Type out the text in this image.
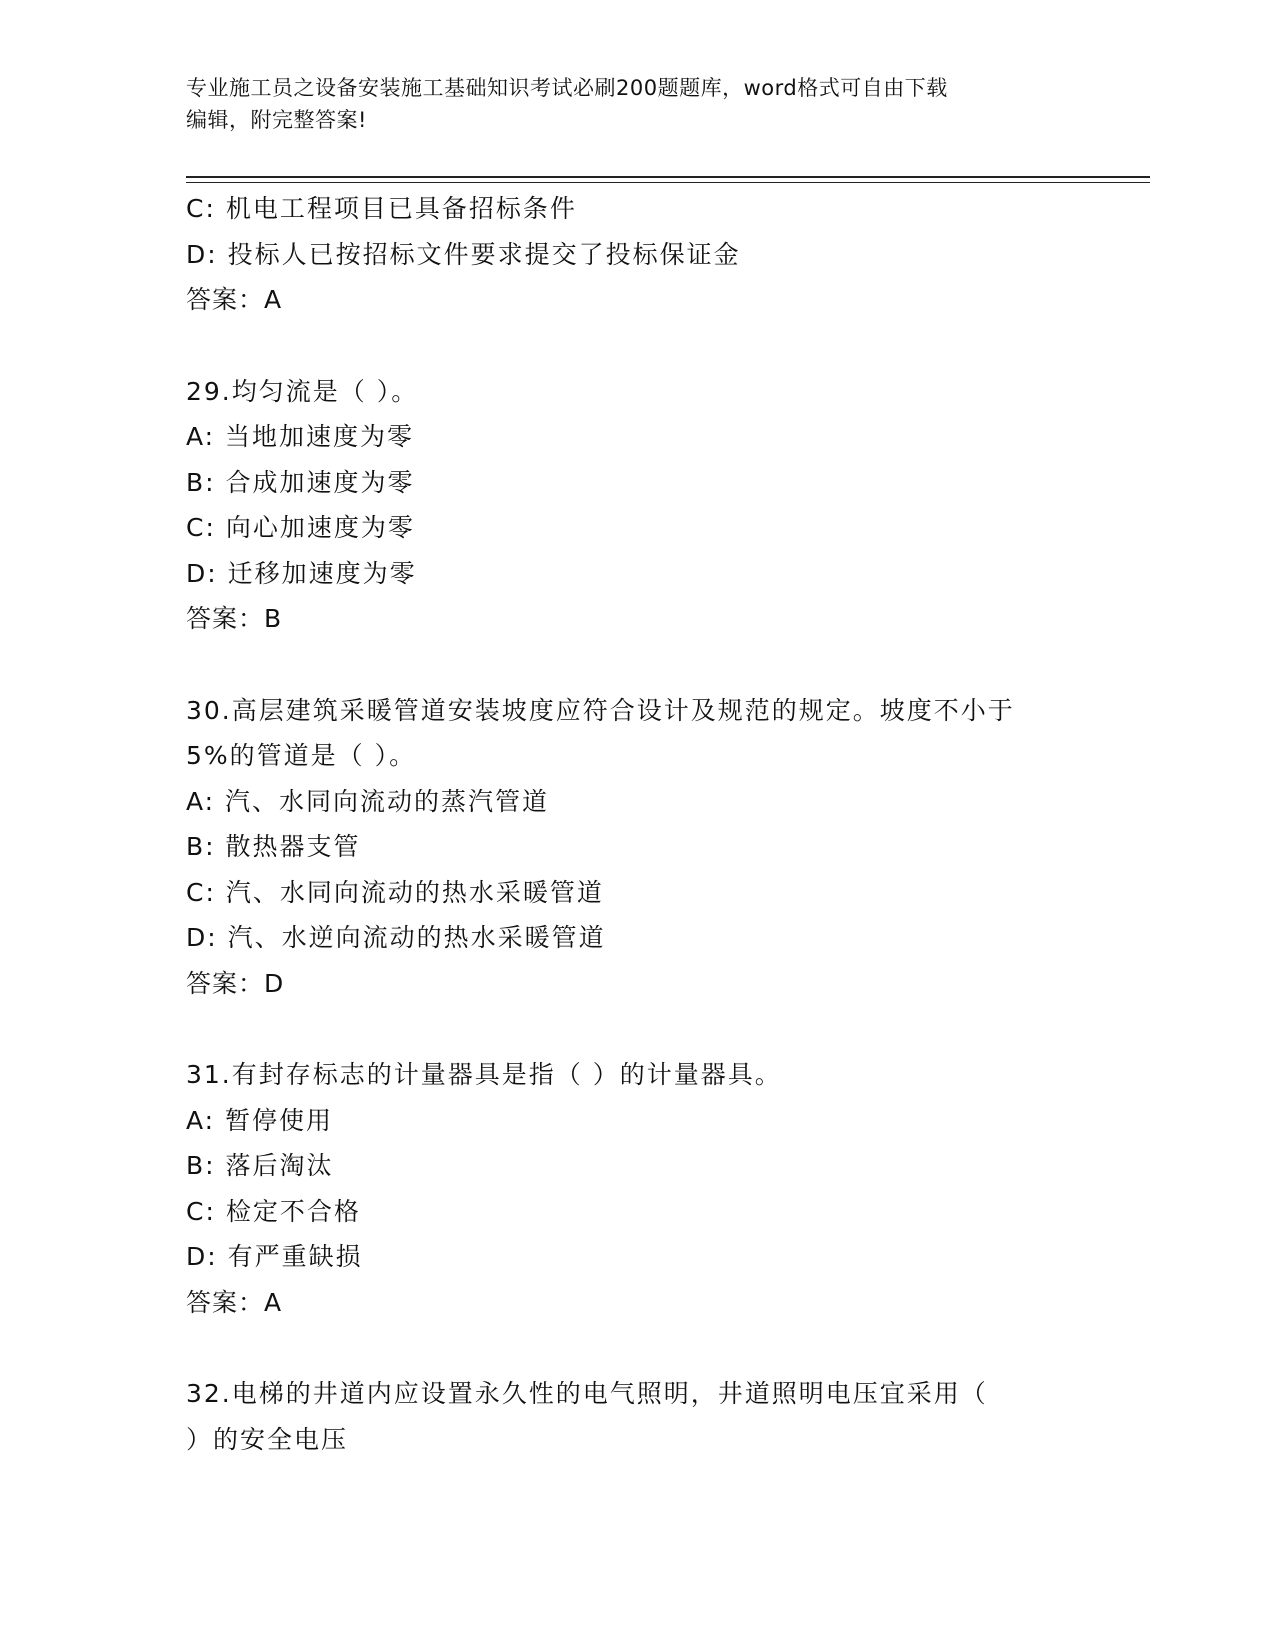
专业施工员之设备安装施工基础知识考试必刷200题题库，word格式可自由下载
编辑，附完整答案!
C: 机电工程项目已具备招标条件
D: 投标人已按招标文件要求提交了投标保证金
答案：A
29.均匀流是（ ）。
A: 当地加速度为零
B: 合成加速度为零
C: 向心加速度为零
D: 迁移加速度为零
答案：B
30.高层建筑采暖管道安装坡度应符合设计及规范的规定。坡度不小于
5%的管道是（ ）。
A: 汽、水同向流动的蒸汽管道
B: 散热器支管
C: 汽、水同向流动的热水采暖管道
D: 汽、水逆向流动的热水采暖管道
答案：D
31.有封存标志的计量器具是指（ ）的计量器具。
A: 暂停使用
B: 落后淘汰
C: 检定不合格
D: 有严重缺损
答案：A
32.电梯的井道内应设置永久性的电气照明，井道照明电压宜采用（
）的安全电压
